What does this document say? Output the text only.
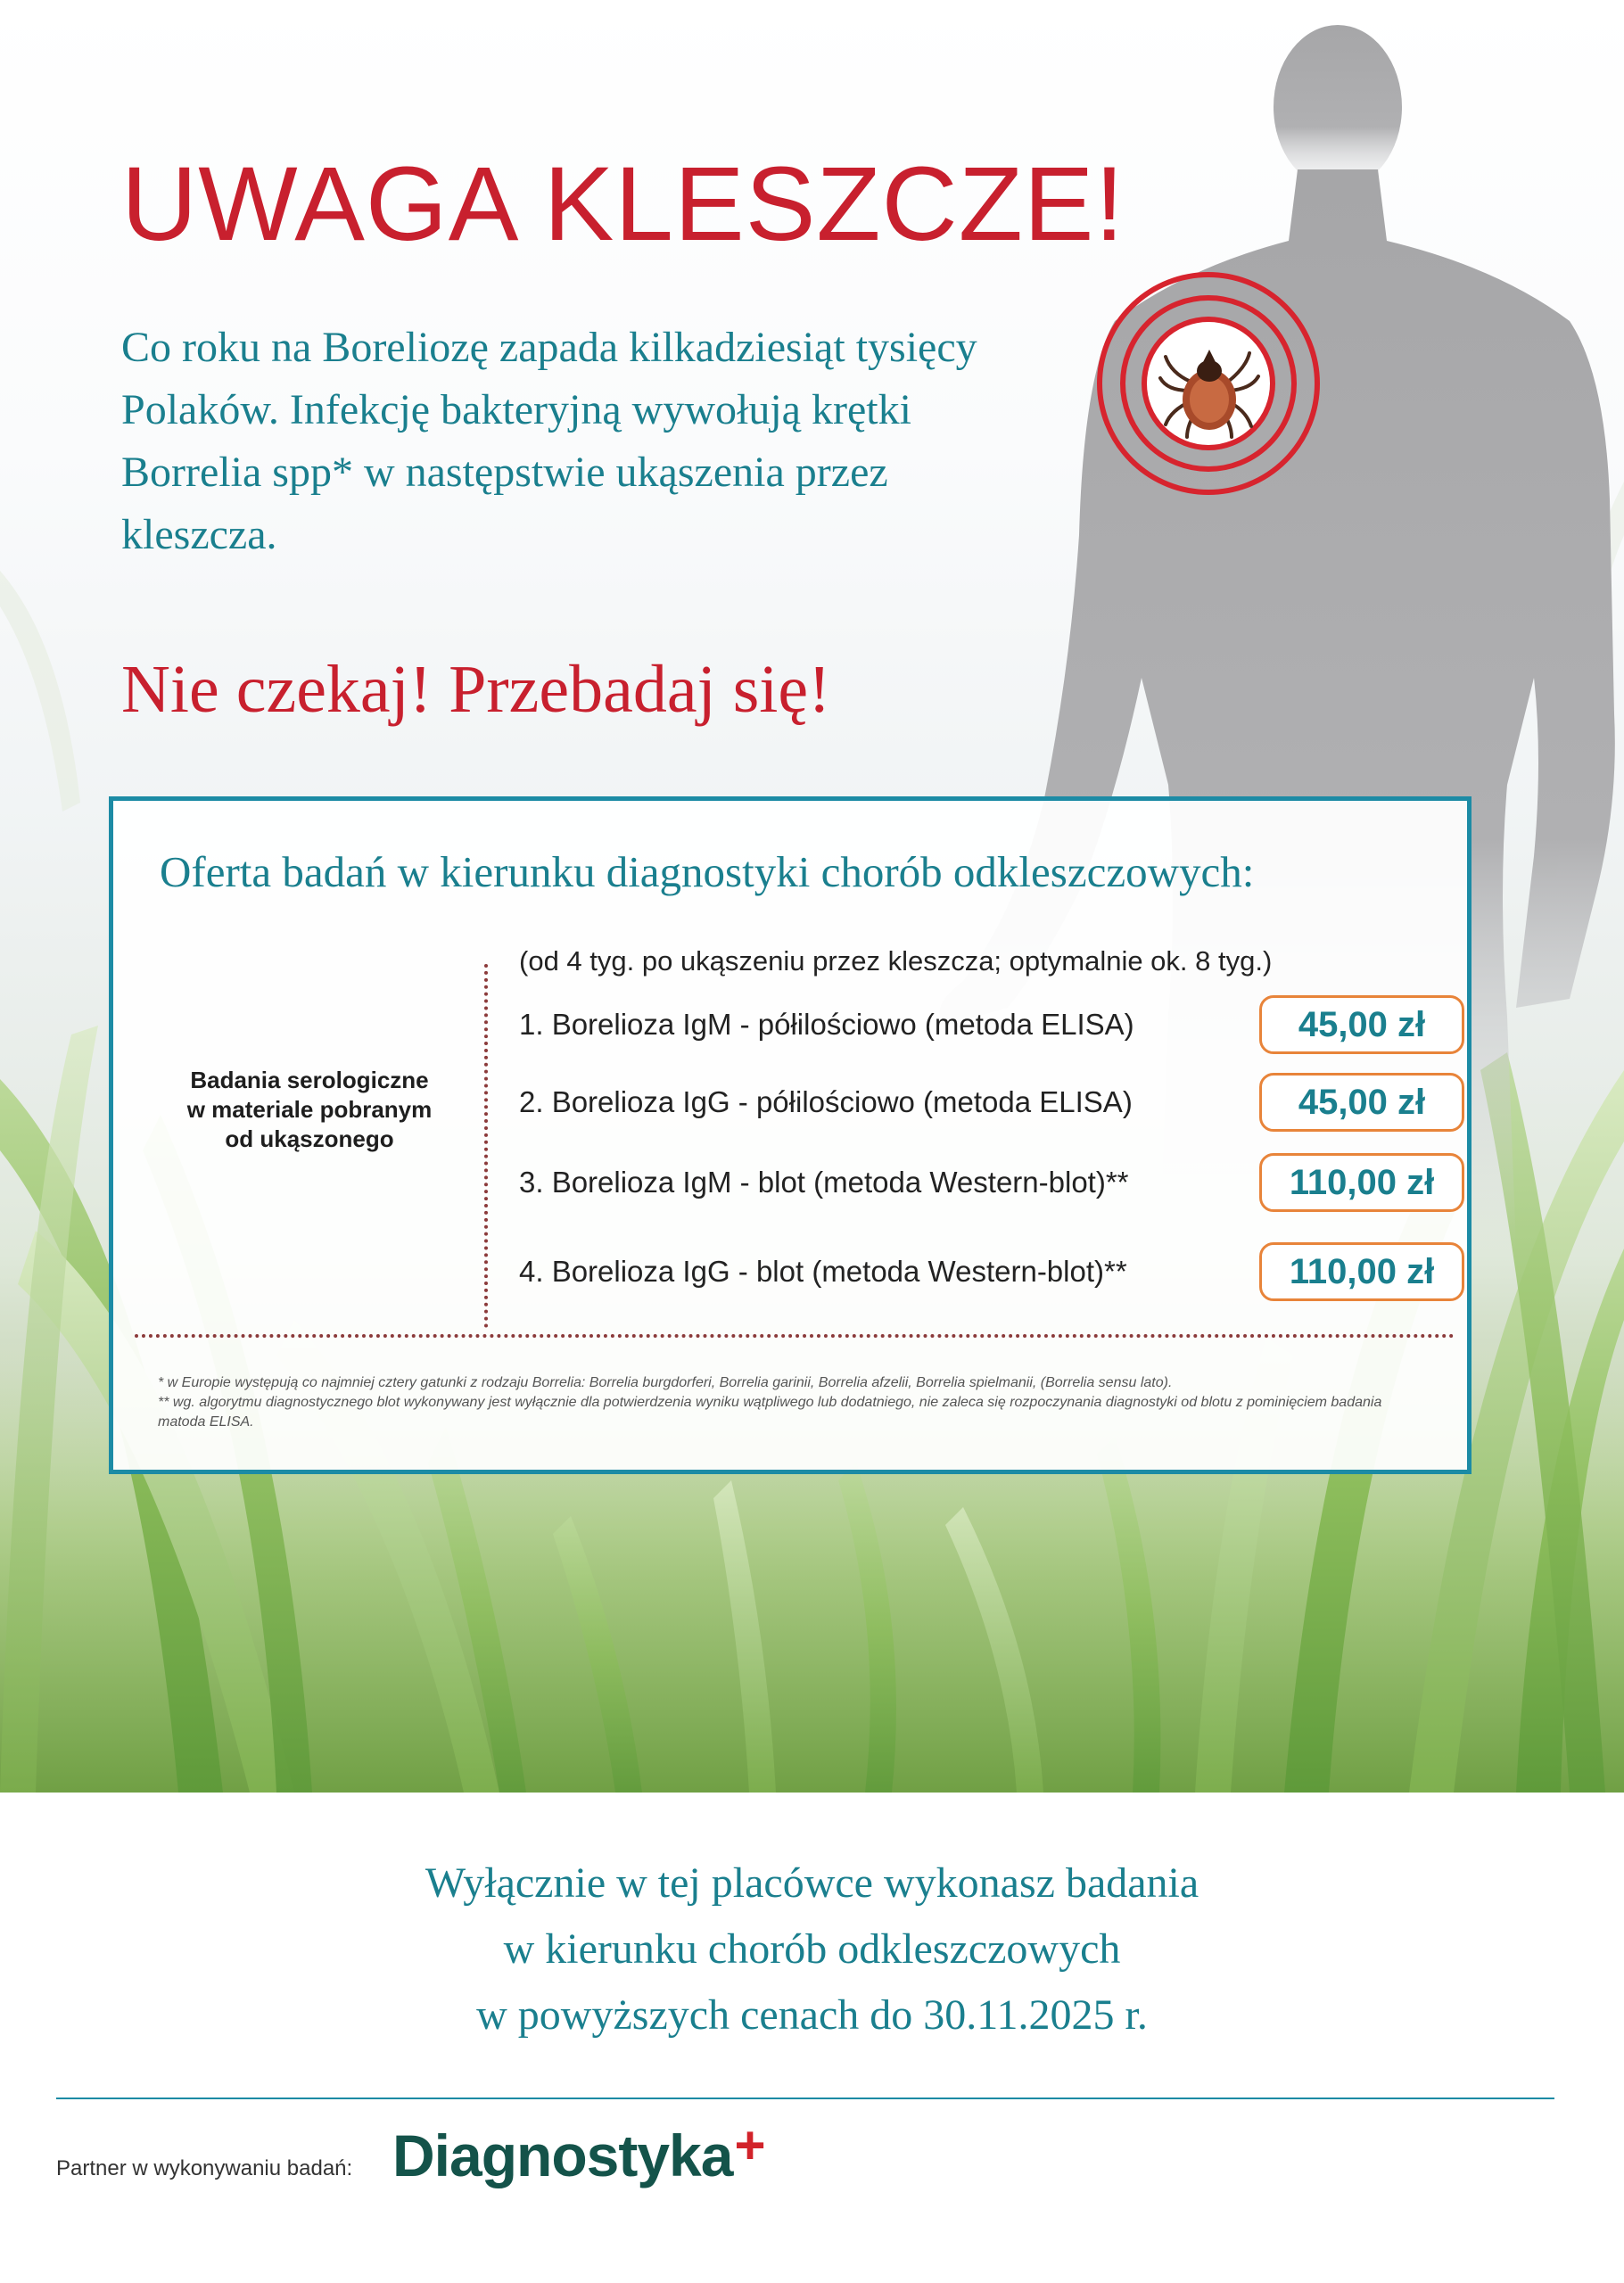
UWAGA KLESZCZE!

Co roku na Boreliozę zapada kilkadziesiąt tysięcy Polaków. Infekcję bakteryjną wywołują krętki Borrelia spp* w następstwie ukąszenia przez kleszcza.

Nie czekaj! Przebadaj się!

Oferta badań w kierunku diagnostyki chorób odkleszczowych:
Badania serologiczne
w materiale pobranym
od ukąszonego
(od 4 tyg. po ukąszeniu przez kleszcza; optymalnie ok. 8 tyg.)
1. Borelioza IgM - półilościowo (metoda ELISA)	45,00 zł
2. Borelioza IgG - półilościowo (metoda ELISA)	45,00 zł
3. Borelioza IgM - blot (metoda Western-blot)**	110,00 zł
4. Borelioza IgG - blot (metoda Western-blot)**	110,00 zł

* w Europie występują co najmniej cztery gatunki z rodzaju Borrelia: Borrelia burgdorferi, Borrelia garinii, Borrelia afzelii, Borrelia spielmanii, (Borrelia sensu lato).

** wg. algorytmu diagnostycznego blot wykonywany jest wyłącznie dla potwierdzenia wyniku wątpliwego lub dodatniego, nie zaleca się rozpoczynania diagnostyki od blotu z pominięciem badania matoda ELISA.

Wyłącznie w tej placówce wykonasz badania
w kierunku chorób odkleszczowych
w powyższych cenach do 30.11.2025 r.

Partner w wykonywaniu badań: Diagnostyka+
